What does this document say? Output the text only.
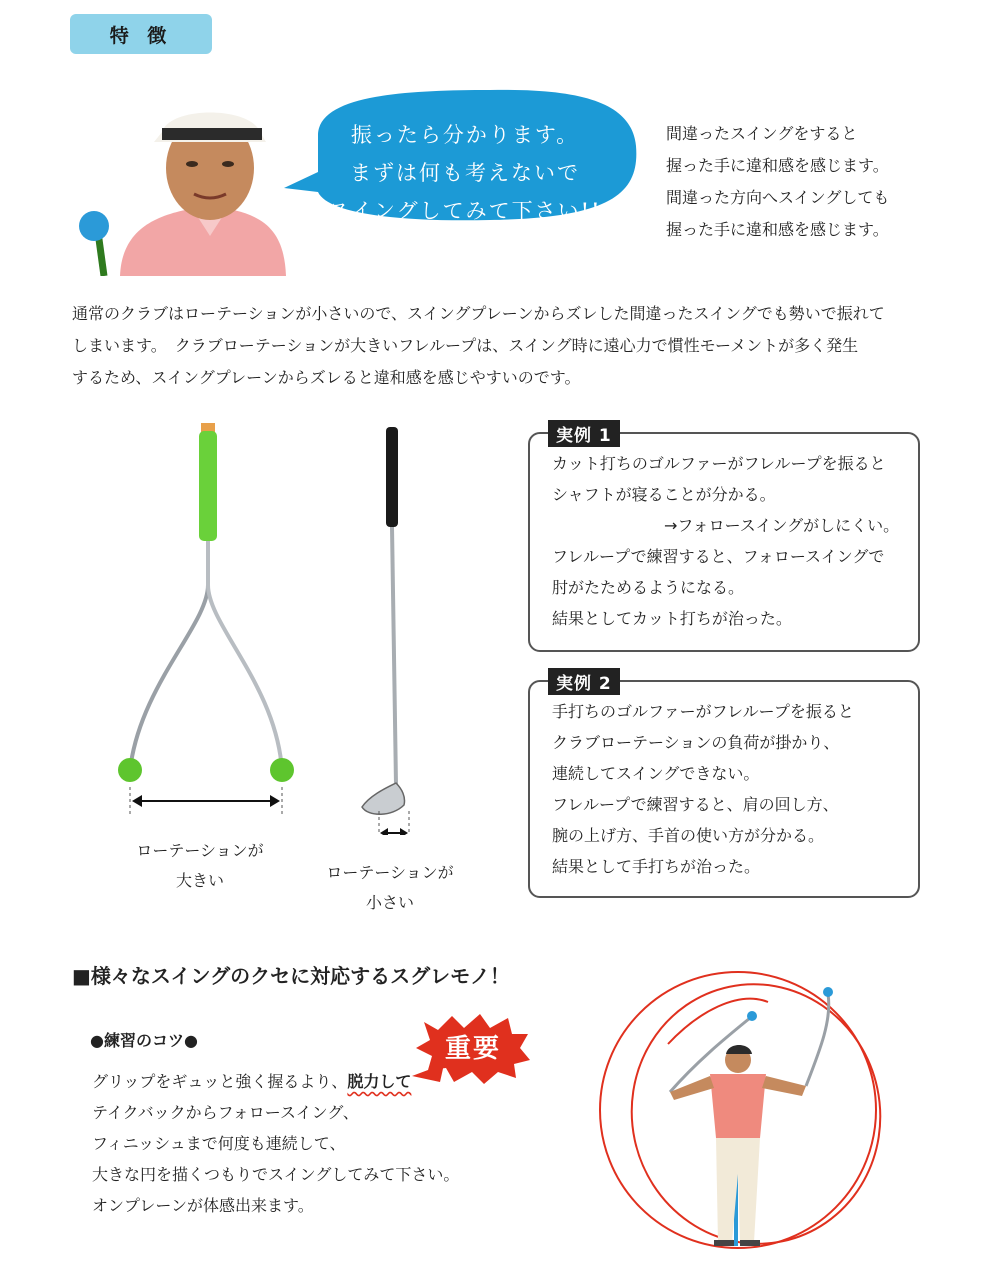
特 徴
振ったら分かります。
まずは何も考えないで
スイングしてみて下さい!!
間違ったスイングをすると
握った手に違和感を感じます。
間違った方向へスイングしても
握った手に違和感を感じます。
通常のクラブはローテーションが小さいので、スイングプレーンからズレした間違ったスイングでも勢いで振れて
しまいます。　クラブローテーションが大きいフレループは、スイング時に遠心力で慣性モーメントが多く発生
するため、スイングプレーンからズレると違和感を感じやすいのです。
ローテーションが
大きい	ローテーションが
小さい
実例 1
カット打ちのゴルファーがフレループを振ると
シャフトが寝ることが分かる。
→フォロースイングがしにくい。
フレループで練習すると、フォロースイングで
肘がたためるようになる。
結果としてカット打ちが治った。
実例 2
手打ちのゴルファーがフレループを振ると
クラブローテーションの負荷が掛かり、
連続してスイングできない。
フレループで練習すると、肩の回し方、
腕の上げ方、手首の使い方が分かる。
結果として手打ちが治った。
■様々なスイングのクセに対応するスグレモノ！
●練習のコツ●	重要
グリップをギュッと強く握るより、脱力して
テイクバックからフォロースイング、
フィニッシュまで何度も連続して、
大きな円を描くつもりでスイングしてみて下さい。
オンプレーンが体感出来ます。
